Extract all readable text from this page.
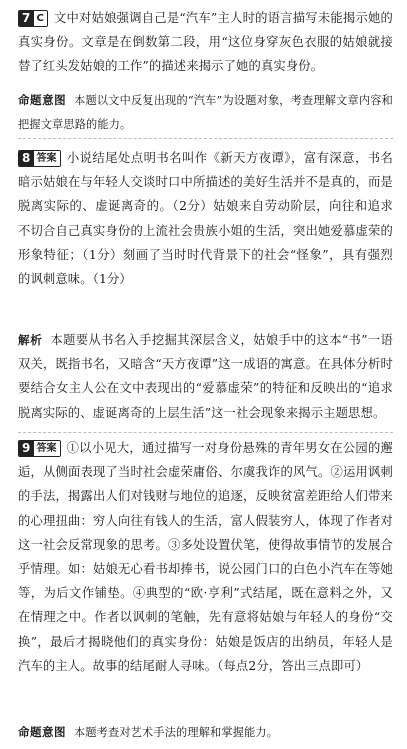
7 C 文中对姑娘强调自己是“汽车”主人时的语言描写未能揭示她的真实身份。文章是在倒数第二段，用“这位身穿灰色衣服的姑娘就接替了红头发姑娘的工作”的描述来揭示了她的真实身份。
命题意图 本题以文中反复出现的“汽车”为设题对象，考查理解文章内容和把握文章思路的能力。
8 答案 小说结尾处点明书名叫作《新天方夜谭》，富有深意，书名暗示姑娘在与年轻人交谈时口中所描述的美好生活并不是真的，而是脱离实际的、虚诞离奇的。（2分）姑娘来自劳动阶层，向往和追求不切合自己真实身份的上流社会贵族小姐的生活，突出她爱慕虚荣的形象特征；（1分）刻画了当时时代背景下的社会“怪象”，具有强烈的讽刺意味。（1分）
解析 本题要从书名入手挖掘其深层含义，姑娘手中的这本“书”一语双关，既指书名，又暗含“天方夜谭”这一成语的寓意。在具体分析时要结合女主人公在文中表现出的“爱慕虚荣”的特征和反映出的“追求脱离实际的、虚诞离奇的上层生活”这一社会现象来揭示主题思想。
9 答案 ①以小见大，通过描写一对身份悬殊的青年男女在公园的邂逅，从侧面表现了当时社会虚荣庸俗、尔虞我诈的风气。②运用讽刺的手法，揭露出人们对钱财与地位的追逐，反映贫富差距给人们带来的心理扭曲：穷人向往有钱人的生活，富人假装穷人，体现了作者对这一社会反常现象的思考。③多处设置伏笔，使得故事情节的发展合乎情理。如：姑娘无心看书却捧书，说公园门口的白色小汽车在等她等，为后文作铺垫。④典型的“欧·亨利”式结尾，既在意料之外，又在情理之中。作者以讽刺的笔触，先有意将姑娘与年轻人的身份“交换”，最后才揭晓他们的真实身份：姑娘是饭店的出纳员，年轻人是汽车的主人。故事的结尾耐人寻味。（每点2分，答出三点即可）
命题意图 本题考查对艺术手法的理解和掌握能力。
